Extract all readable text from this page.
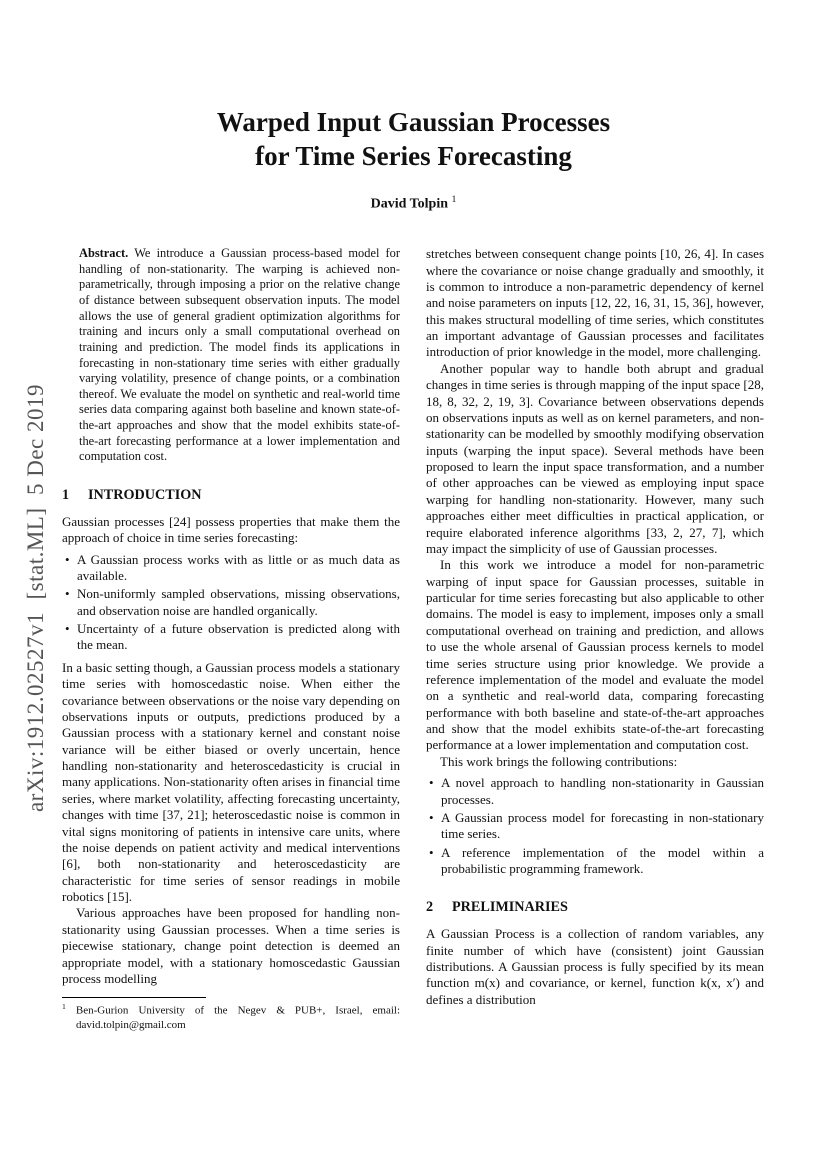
arXiv:1912.02527v1  [stat.ML]  5 Dec 2019
Warped Input Gaussian Processes
for Time Series Forecasting
David Tolpin $^1$

Abstract. We introduce a Gaussian process-based model for handling of non-stationarity. The warping is achieved non-parametrically, through imposing a prior on the relative change of distance between subsequent observation inputs. The model allows the use of general gradient optimization algorithms for training and incurs only a small computational overhead on training and prediction. The model finds its applications in forecasting in non-stationary time series with either gradually varying volatility, presence of change points, or a combination thereof. We evaluate the model on synthetic and real-world time series data comparing against both baseline and known state-of-the-art approaches and show that the model exhibits state-of-the-art forecasting performance at a lower implementation and computation cost.

1 INTRODUCTION

Gaussian processes [24] possess properties that make them the approach of choice in time series forecasting:

• A Gaussian process works with as little or as much data as available.
• Non-uniformly sampled observations, missing observations, and observation noise are handled organically.
• Uncertainty of a future observation is predicted along with the mean.

In a basic setting though, a Gaussian process models a stationary time series with homoscedastic noise. When either the covariance between observations or the noise vary depending on observations inputs or outputs, predictions produced by a Gaussian process with a stationary kernel and constant noise variance will be either biased or overly uncertain, hence handling non-stationarity and heteroscedasticity is crucial in many applications. Non-stationarity often arises in financial time series, where market volatility, affecting forecasting uncertainty, changes with time [37, 21]; heteroscedastic noise is common in vital signs monitoring of patients in intensive care units, where the noise depends on patient activity and medical interventions [6], both non-stationarity and heteroscedasticity are characteristic for time series of sensor readings in mobile robotics [15].

Various approaches have been proposed for handling non-stationarity using Gaussian processes. When a time series is piecewise stationary, change point detection is deemed an appropriate model, with a stationary homoscedastic Gaussian process modelling

$^1$ Ben-Gurion University of the Negev & PUB+, Israel, email: david.tolpin@gmail.com

stretches between consequent change points [10, 26, 4]. In cases where the covariance or noise change gradually and smoothly, it is common to introduce a non-parametric dependency of kernel and noise parameters on inputs [12, 22, 16, 31, 15, 36], however, this makes structural modelling of time series, which constitutes an important advantage of Gaussian processes and facilitates introduction of prior knowledge in the model, more challenging.

Another popular way to handle both abrupt and gradual changes in time series is through mapping of the input space [28, 18, 8, 32, 2, 19, 3]. Covariance between observations depends on observations inputs as well as on kernel parameters, and non-stationarity can be modelled by smoothly modifying observation inputs (warping the input space). Several methods have been proposed to learn the input space transformation, and a number of other approaches can be viewed as employing input space warping for handling non-stationarity. However, many such approaches either meet difficulties in practical application, or require elaborated inference algorithms [33, 2, 27, 7], which may impact the simplicity of use of Gaussian processes.

In this work we introduce a model for non-parametric warping of input space for Gaussian processes, suitable in particular for time series forecasting but also applicable to other domains. The model is easy to implement, imposes only a small computational overhead on training and prediction, and allows to use the whole arsenal of Gaussian process kernels to model time series structure using prior knowledge. We provide a reference implementation of the model and evaluate the model on a synthetic and real-world data, comparing forecasting performance with both baseline and state-of-the-art approaches and show that the model exhibits state-of-the-art forecasting performance at a lower implementation and computation cost.

This work brings the following contributions:

• A novel approach to handling non-stationarity in Gaussian processes.
• A Gaussian process model for forecasting in non-stationary time series.
• A reference implementation of the model within a probabilistic programming framework.
2 PRELIMINARIES

A Gaussian Process is a collection of random variables, any finite number of which have (consistent) joint Gaussian distributions. A Gaussian process is fully specified by its mean function m(x) and covariance, or kernel, function k(x, x′) and defines a distribution
